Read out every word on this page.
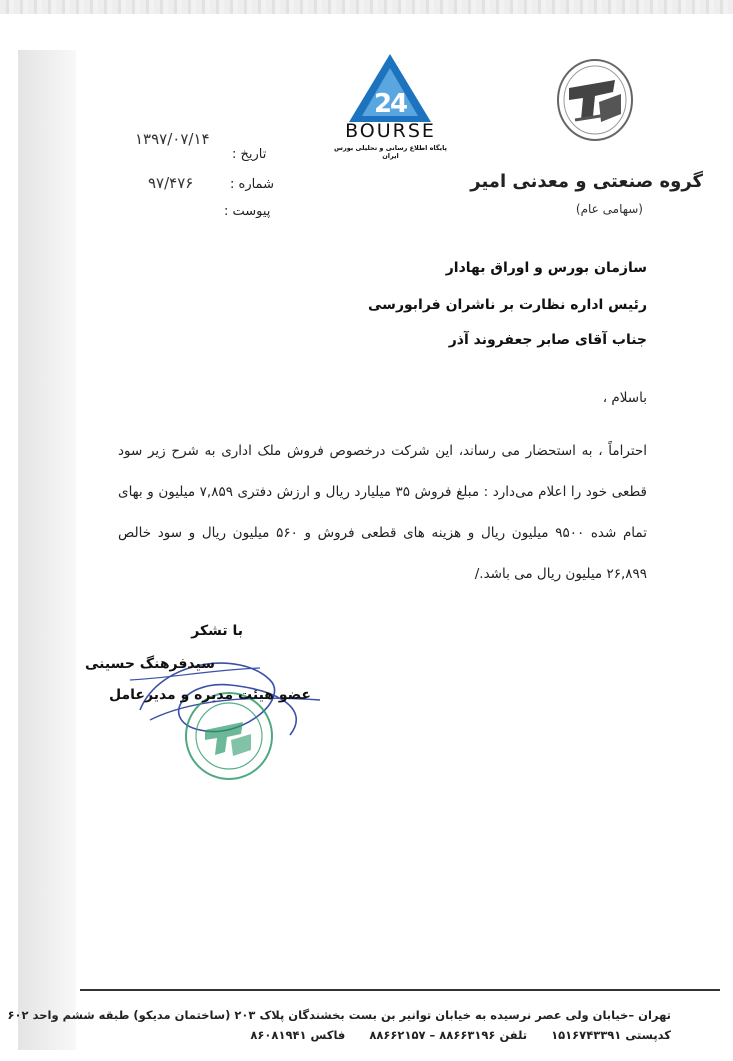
۱۳۹۷/۰۷/۱۴
تاریخ :
۹۷/۴۷۶	شماره :
پیوست :
2
4
BOURSE
پایگاه اطلاع رسانی و تحلیلی بورس ایران
گروه صنعتی و معدنی امیر
(سهامی عام)
سازمان بورس و اوراق بهادار
رئیس اداره نظارت بر ناشران فرابورسی
جناب آقای صابر جعفروند آذر
باسلام ،
احتراماً ، به استحضار می رساند، این شرکت درخصوص فروش ملک اداری به شرح زیر سود قطعی خود را اعلام می‌دارد : مبلغ فروش ۳۵ میلیارد ریال و ارزش دفتری ۷,۸۵۹ میلیون و بهای تمام شده ۹۵۰۰ میلیون ریال و هزینه های قطعی فروش و ۵۶۰ میلیون ریال و سود خالص ۲۶,۸۹۹ میلیون ریال می باشد./
با تشکر
سیدفرهنگ حسینی
عضو هیئت مدیره و مدیرعامل
تهران –خیابان ولی عصر نرسیده به خیابان توانیر بن بست بخشندگان پلاک ۲۰۳ (ساختمان مدیکو) طبقه ششم واحد ۶۰۲
کدپستی ۱۵۱۶۷۴۳۳۹۱      تلفن ۸۸۶۶۳۱۹۶ – ۸۸۶۶۲۱۵۷      فاکس ۸۶۰۸۱۹۴۱
